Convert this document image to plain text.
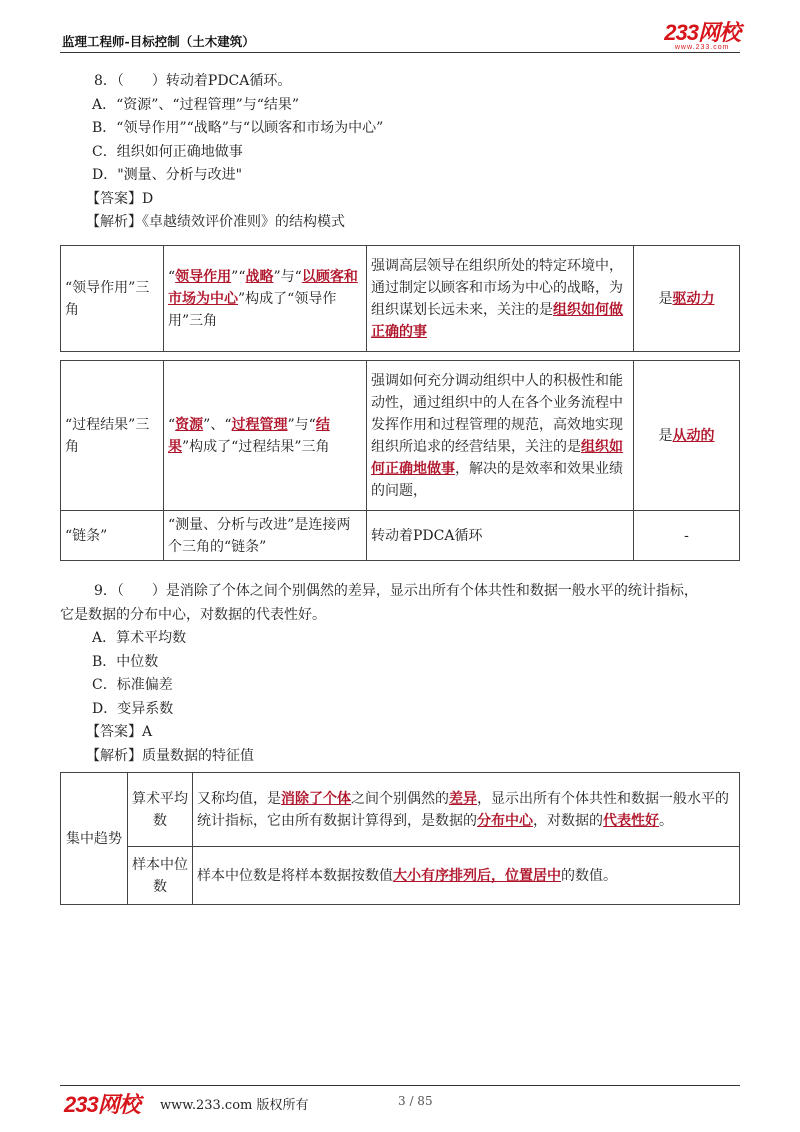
监理工程师-目标控制（土木建筑）	233网校
www.233.com
8．（　　）转动着PDCA循环。
A．“资源”、“过程管理”与“结果”
B．“领导作用”“战略”与“以顾客和市场为中心”
C．组织如何正确地做事
D．"测量、分析与改进"
【答案】D
【解析】《卓越绩效评价准则》的结构模式
“领导作用”三角	“领导作用”“战略”与“以顾客和市场为中心”构成了“领导作用”三角	强调高层领导在组织所处的特定环境中，通过制定以顾客和市场为中心的战略，为组织谋划长远未来，关注的是组织如何做正确的事	是驱动力
“过程结果”三角	“资源”、“过程管理”与“结果”构成了“过程结果”三角	强调如何充分调动组织中人的积极性和能动性，通过组织中的人在各个业务流程中发挥作用和过程管理的规范，高效地实现组织所追求的经营结果，关注的是组织如何正确地做事，解决的是效率和效果业绩的问题，	是从动的
“链条”	“测量、分析与改进”是连接两个三角的“链条”	转动着PDCA循环	-
9．（　　）是消除了个体之间个别偶然的差异，显示出所有个体共性和数据一般水平的统计指标，
它是数据的分布中心，对数据的代表性好。
A．算术平均数
B．中位数
C．标准偏差
D．变异系数
【答案】A
【解析】质量数据的特征值
集中趋势	算术平均数	又称均值，是消除了个体之间个别偶然的差异，显示出所有个体共性和数据一般水平的统计指标，它由所有数据计算得到，是数据的分布中心，对数据的代表性好。
	样本中位数	样本中位数是将样本数据按数值大小有序排列后，位置居中的数值。
233网校 www.233.com 版权所有	3 / 85
